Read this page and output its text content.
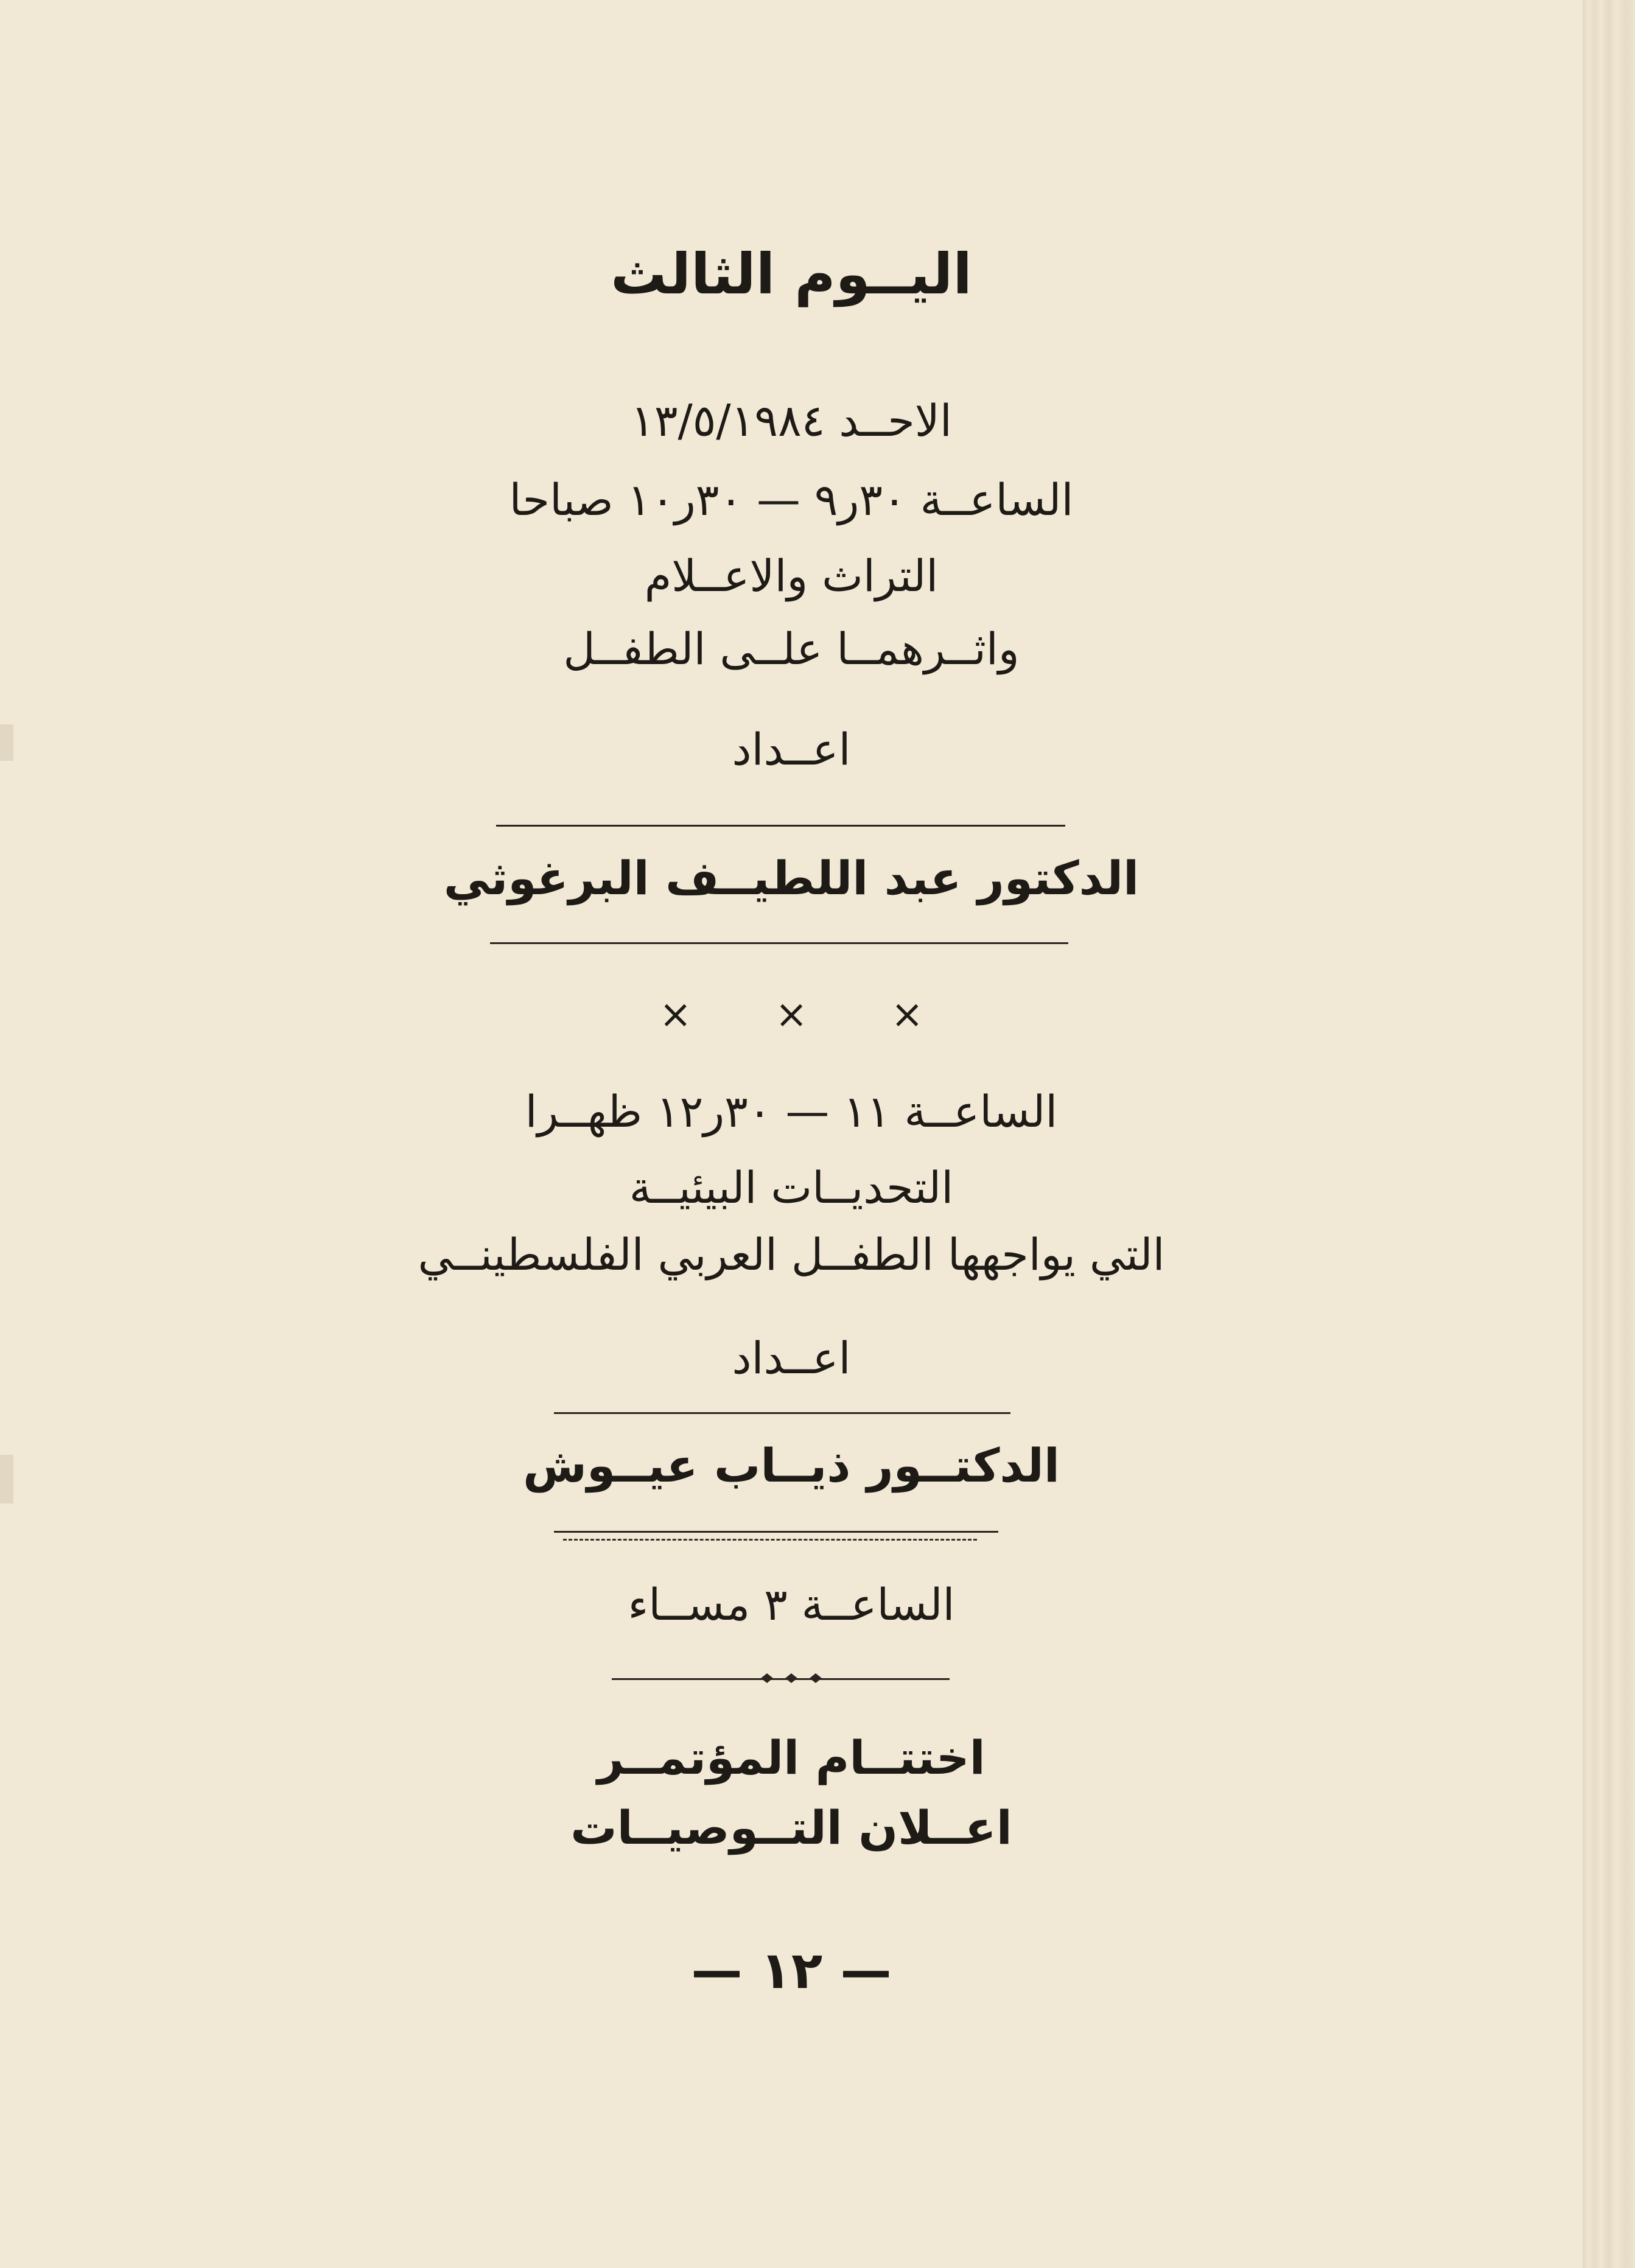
اليــوم الثالث
الاحــد ١٣/٥/١٩٨٤
الساعــة ٣٠ر٩ — ٣٠ر١٠ صباحا
التراث والاعــلام
واثــرهمــا علــى الطفــل
اعــداد
الدكتور عبد اللطيــف البرغوثي
× × ×
الساعــة ١١ — ٣٠ر١٢ ظهــرا
التحديــات البيئيــة
التي يواجهها الطفــل العربي الفلسطينــي
اعــداد
الدكتــور ذيــاب عيــوش
الساعــة ٣ مســاء
اختتــام المؤتمــر
اعــلان التــوصيــات
— ١٢ —
